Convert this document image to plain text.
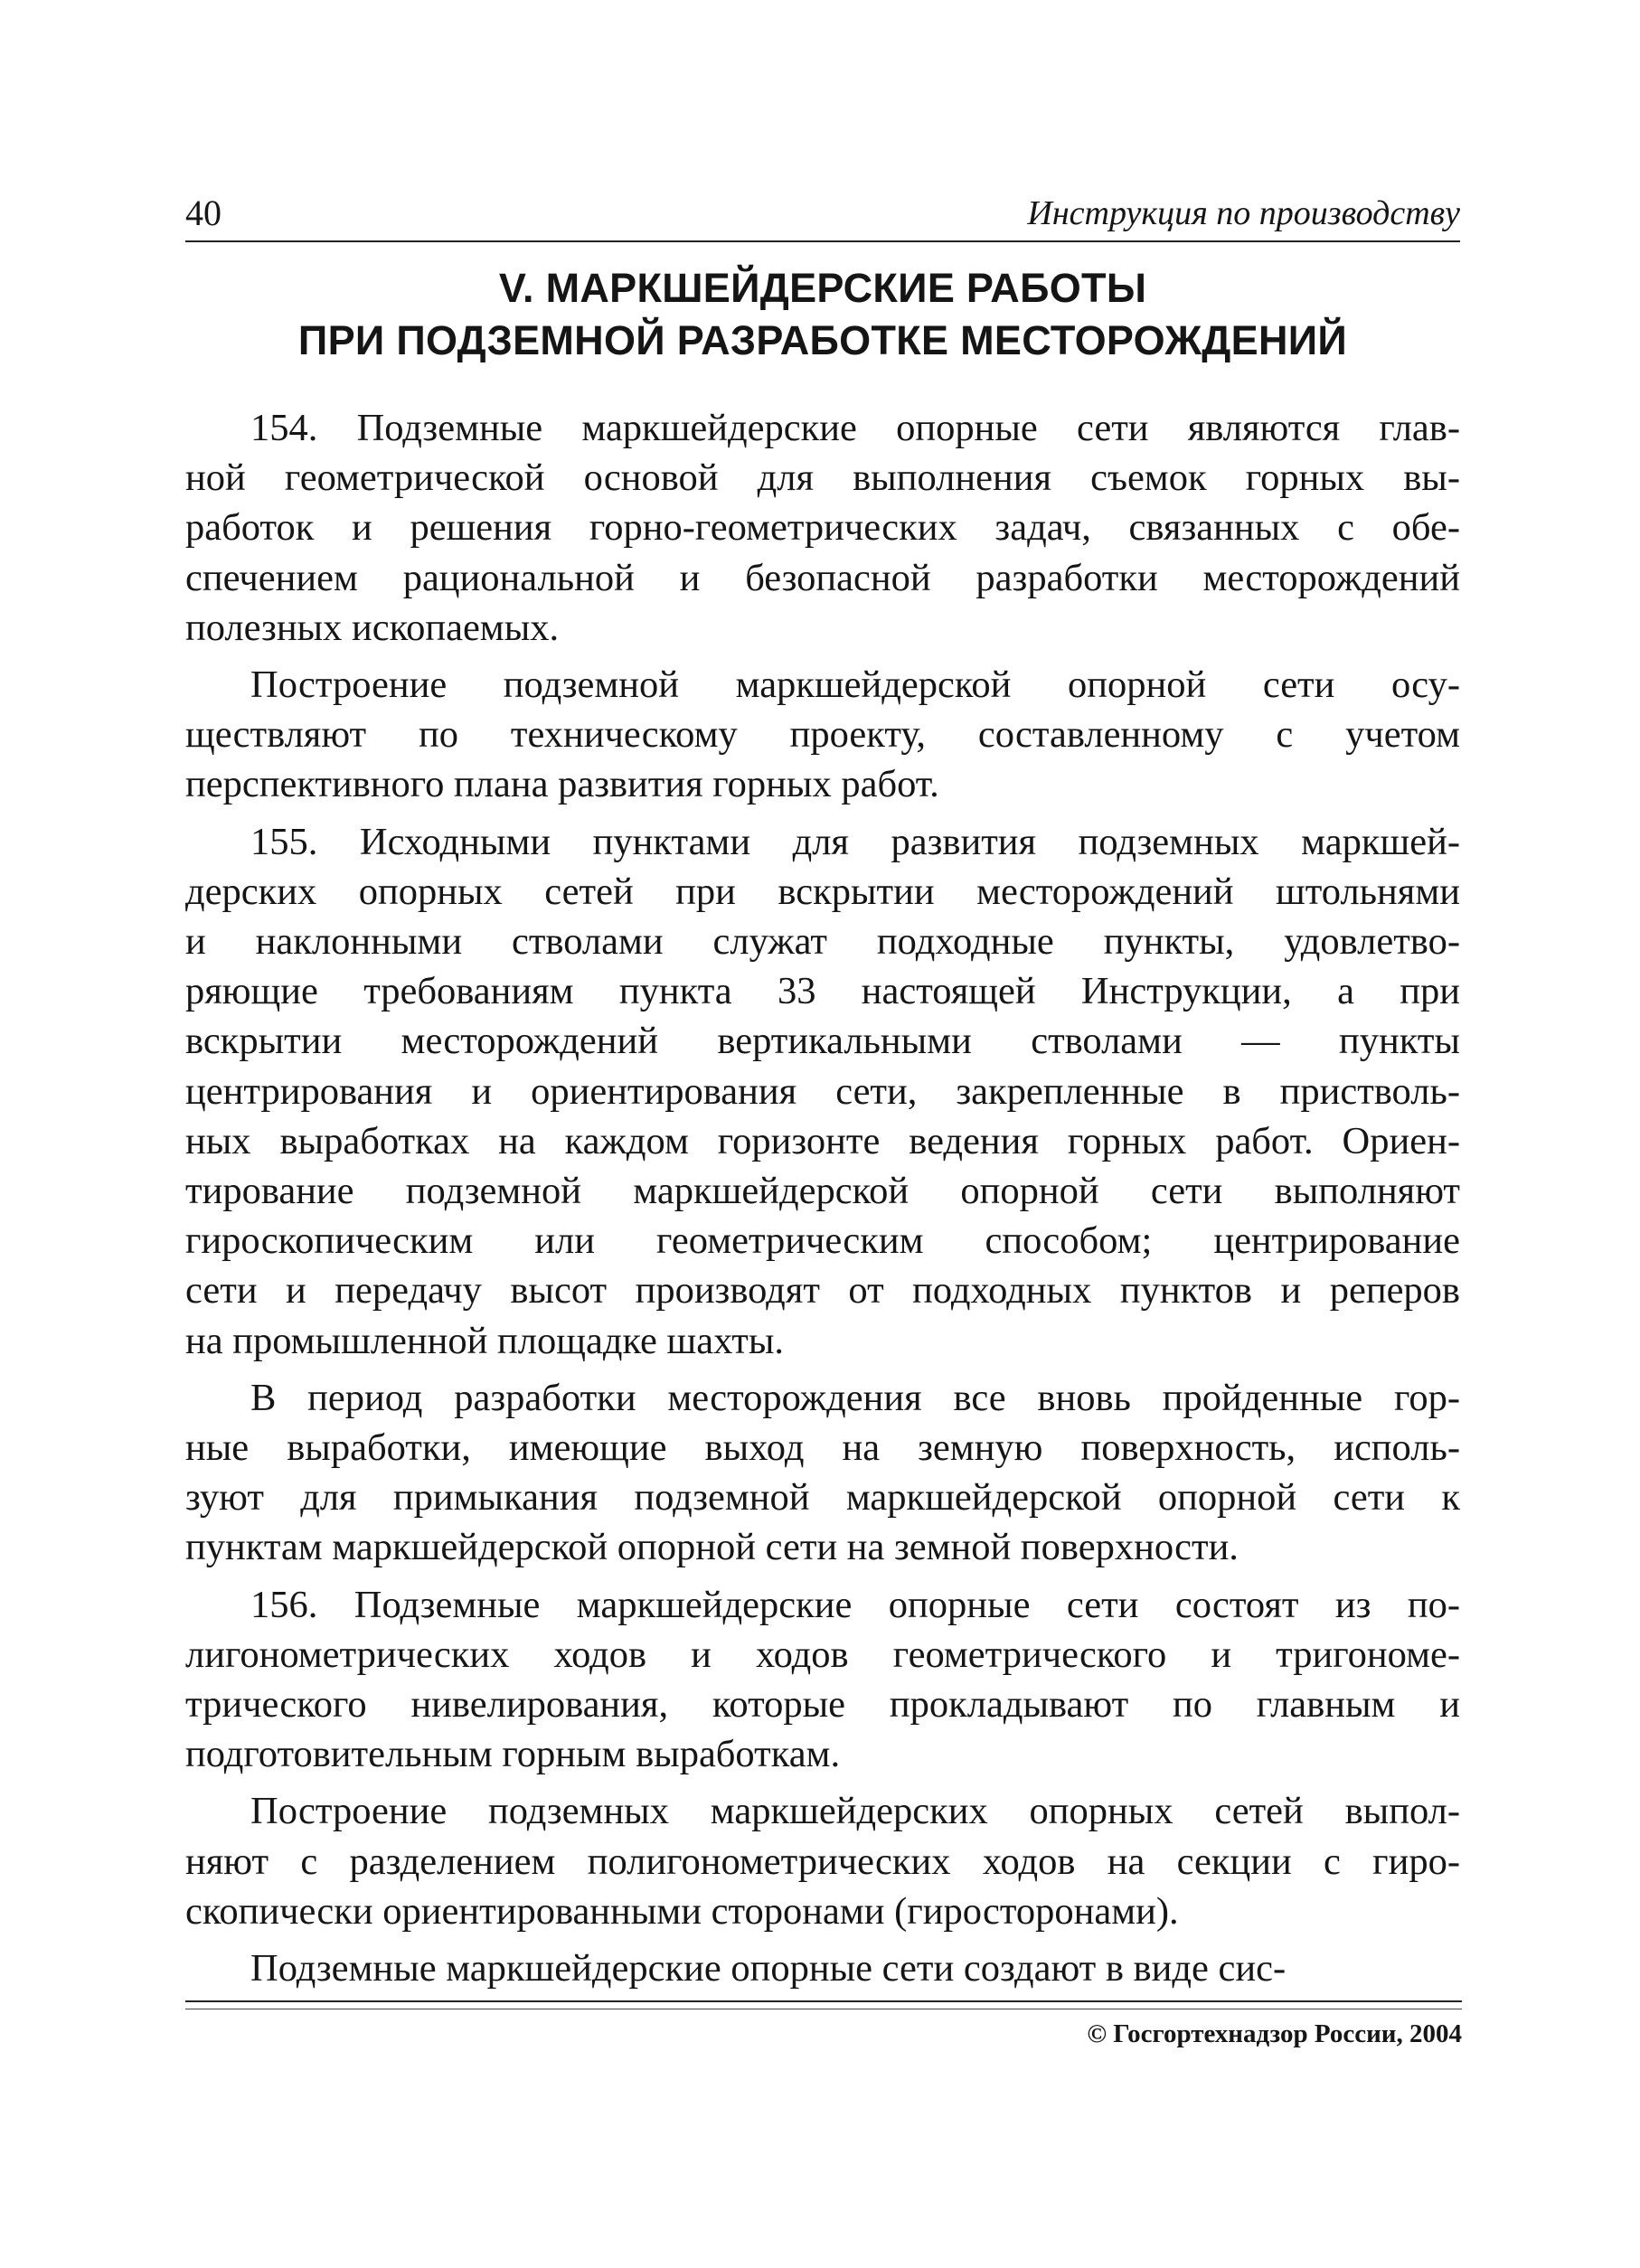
40	Инструкция по производству
V. МАРКШЕЙДЕРСКИЕ РАБОТЫ
ПРИ ПОДЗЕМНОЙ РАЗРАБОТКЕ МЕСТОРОЖДЕНИЙ
154. Подземные маркшейдерские опорные сети являются глав-
ной геометрической основой для выполнения съемок горных вы-
работок и решения горно-геометрических задач, связанных с обе-
спечением рациональной и безопасной разработки месторождений
полезных ископаемых.
Построение подземной маркшейдерской опорной сети осу-
ществляют по техническому проекту, составленному с учетом
перспективного плана развития горных работ.
155. Исходными пунктами для развития подземных маркшей-
дерских опорных сетей при вскрытии месторождений штольнями
и наклонными стволами служат подходные пункты, удовлетво-
ряющие требованиям пункта 33 настоящей Инструкции, а при
вскрытии месторождений вертикальными стволами — пункты
центрирования и ориентирования сети, закрепленные в пристволь-
ных выработках на каждом горизонте ведения горных работ. Ориен-
тирование подземной маркшейдерской опорной сети выполняют
гироскопическим или геометрическим способом; центрирование
сети и передачу высот производят от подходных пунктов и реперов
на промышленной площадке шахты.
В период разработки месторождения все вновь пройденные гор-
ные выработки, имеющие выход на земную поверхность, исполь-
зуют для примыкания подземной маркшейдерской опорной сети к
пунктам маркшейдерской опорной сети на земной поверхности.
156. Подземные маркшейдерские опорные сети состоят из по-
лигонометрических ходов и ходов геометрического и тригономе-
трического нивелирования, которые прокладывают по главным и
подготовительным горным выработкам.
Построение подземных маркшейдерских опорных сетей выпол-
няют с разделением полигонометрических ходов на секции с гиро-
скопически ориентированными сторонами (гиросторонами).
Подземные маркшейдерские опорные сети создают в виде сис-
© Госгортехнадзор России, 2004
